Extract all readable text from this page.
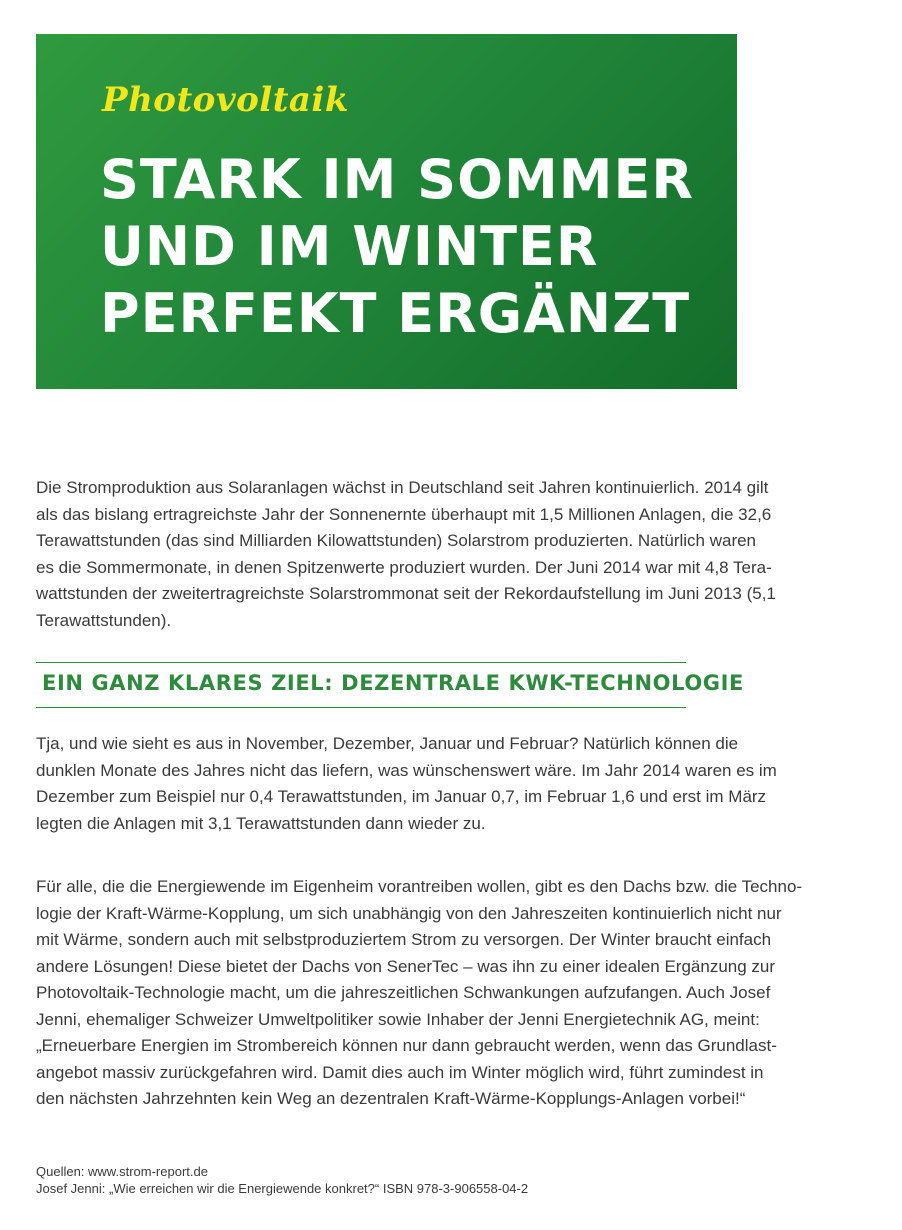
Photovoltaik
STARK IM SOMMER
UND IM WINTER
PERFEKT ERGÄNZT

Die Stromproduktion aus Solaranlagen wächst in Deutschland seit Jahren kontinuierlich. 2014 gilt
als das bislang ertragreichste Jahr der Sonnenernte überhaupt mit 1,5 Millionen Anlagen, die 32,6
Terawattstunden (das sind Milliarden Kilowattstunden) Solarstrom produzierten. Natürlich waren
es die Sommermonate, in denen Spitzenwerte produziert wurden. Der Juni 2014 war mit 4,8 Tera-
wattstunden der zweitertragreichste Solarstrommonat seit der Rekordaufstellung im Juni 2013 (5,1
Terawattstunden).

EIN GANZ KLARES ZIEL: DEZENTRALE KWK-TECHNOLOGIE

Tja, und wie sieht es aus in November, Dezember, Januar und Februar? Natürlich können die
dunklen Monate des Jahres nicht das liefern, was wünschenswert wäre. Im Jahr 2014 waren es im
Dezember zum Beispiel nur 0,4 Terawattstunden, im Januar 0,7, im Februar 1,6 und erst im März
legten die Anlagen mit 3,1 Terawattstunden dann wieder zu.

Für alle, die die Energiewende im Eigenheim vorantreiben wollen, gibt es den Dachs bzw. die Techno-
logie der Kraft-Wärme-Kopplung, um sich unabhängig von den Jahreszeiten kontinuierlich nicht nur
mit Wärme, sondern auch mit selbstproduziertem Strom zu versorgen. Der Winter braucht einfach
andere Lösungen! Diese bietet der Dachs von SenerTec – was ihn zu einer idealen Ergänzung zur
Photovoltaik-Technologie macht, um die jahreszeitlichen Schwankungen aufzufangen. Auch Josef
Jenni, ehemaliger Schweizer Umweltpolitiker sowie Inhaber der Jenni Energietechnik AG, meint:
„Erneuerbare Energien im Strombereich können nur dann gebraucht werden, wenn das Grundlast-
angebot massiv zurückgefahren wird. Damit dies auch im Winter möglich wird, führt zumindest in
den nächsten Jahrzehnten kein Weg an dezentralen Kraft-Wärme-Kopplungs-Anlagen vorbei!“

Quellen: www.strom-report.de
Josef Jenni: „Wie erreichen wir die Energiewende konkret?“ ISBN 978-3-906558-04-2
